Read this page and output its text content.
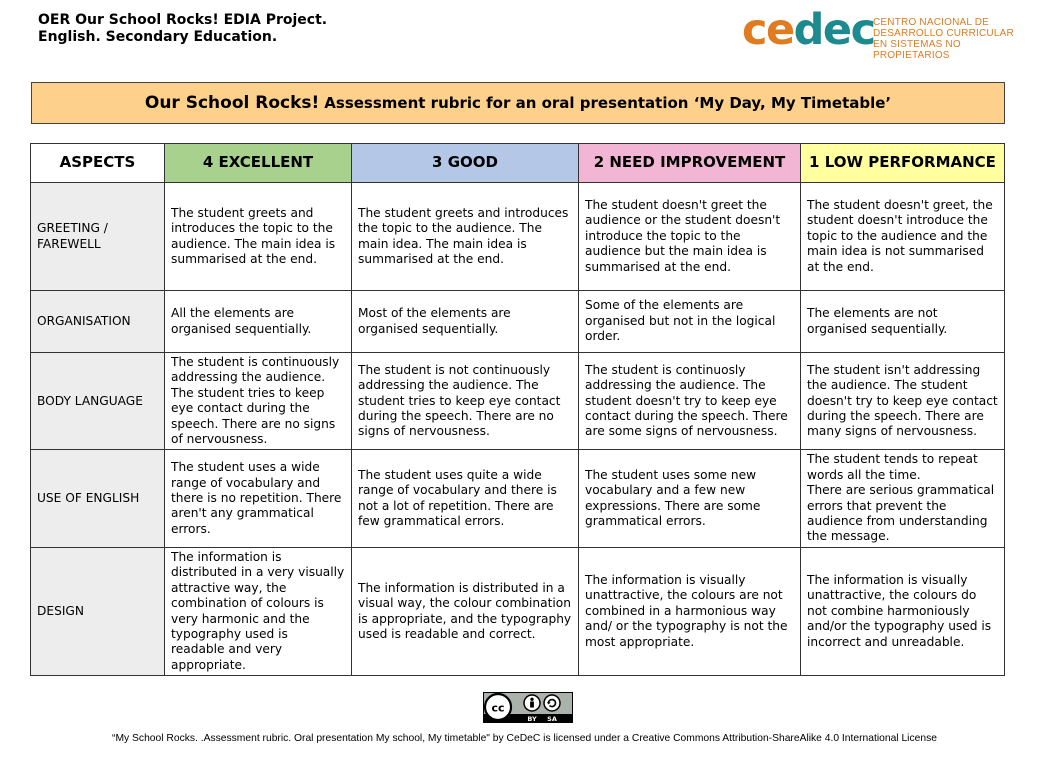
OER Our School Rocks! EDIA Project.
English. Secondary Education.	cedec
CENTRO NACIONAL DE
DESARROLLO CURRICULAR
EN SISTEMAS NO PROPIETARIOS
Our School Rocks! Assessment rubric for an oral presentation ‘My Day, My Timetable’
ASPECTS	4 EXCELLENT	3 GOOD	2 NEED IMPROVEMENT	1 LOW PERFORMANCE
GREETING / FAREWELL	The student greets and introduces the topic to the audience. The main idea is summarised at the end.	The student greets and introduces the topic to the audience. The main idea. The main idea is summarised at the end.	The student doesn't greet the audience or the student doesn't introduce the topic to the audience but the main idea is summarised at the end.	The student doesn't greet, the student doesn't introduce the topic to the audience and the main idea is not summarised at the end.
ORGANISATION	All the elements are organised sequentially.	Most of the elements are organised sequentially.	Some of the elements are organised but not in the logical order.	The elements are not organised sequentially.
BODY LANGUAGE	The student is continuously addressing the audience. The student tries to keep eye contact during the speech. There are no signs of nervousness.	The student is not continuously addressing the audience. The student tries to keep eye contact during the speech. There are no signs of nervousness.	The student is continuosly addressing the audience. The student doesn't try to keep eye contact during the speech. There are some signs of nervousness.	The student isn't addressing the audience. The student doesn't try to keep eye contact during the speech. There are many signs of nervousness.
USE OF ENGLISH	The student uses a wide range of vocabulary and there is no repetition. There aren't any grammatical errors.	The student uses quite a wide range of vocabulary and there is not a lot of repetition. There are few grammatical errors.	The student uses some new vocabulary and a few new expressions. There are some grammatical errors.	The student tends to repeat words all the time.
There are serious grammatical errors that prevent the audience from understanding the message.

DESIGN	The information is distributed in a very visually attractive way, the combination of colours is very harmonic and the typography used is readable and very appropriate.	The information is distributed in a visual way, the colour combination is appropriate, and the typography used is readable and correct.	The information is visually unattractive, the colours are not combined in a harmonious way and/ or the typography is not the most appropriate.	The information is visually unattractive, the colours do not combine harmoniously and/or the typography used is incorrect and unreadable.
cc
BY SA
“My School Rocks. .Assessment rubric. Oral presentation My school, My timetable" by CeDeC is licensed under a Creative Commons Attribution-ShareAlike 4.0 International License
